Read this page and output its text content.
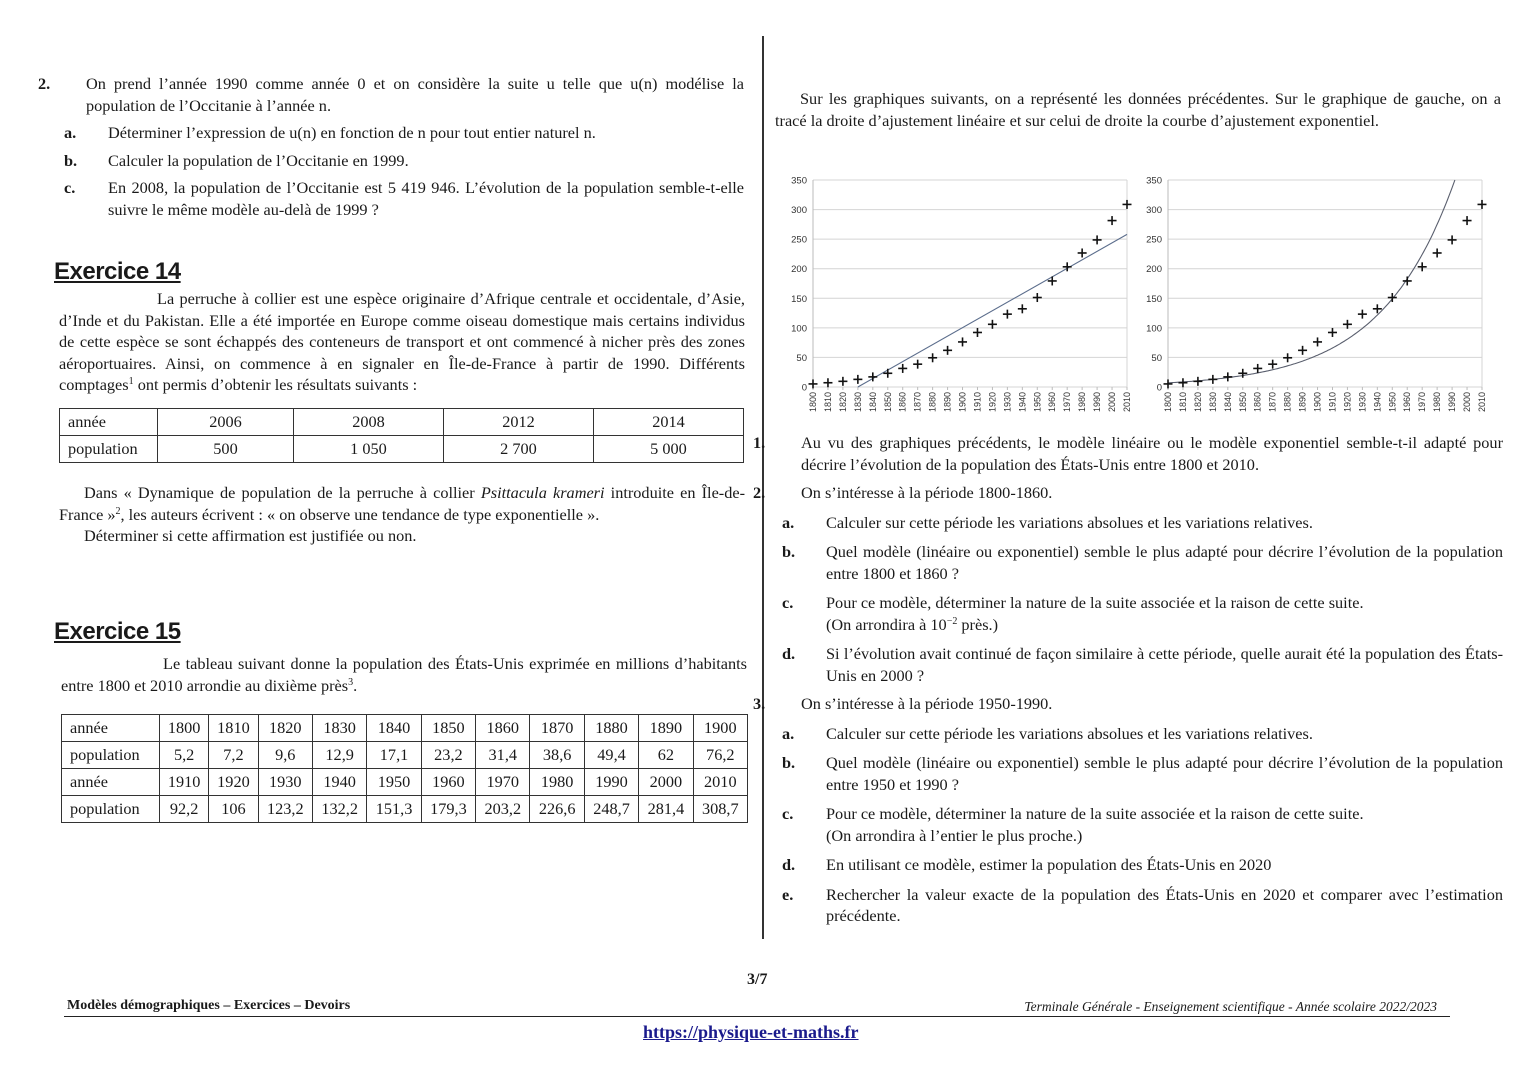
2. On prend l’année 1990 comme année 0 et on considère la suite u telle que u(n) modélise la population de l’Occitanie à l’année n.
a. Déterminer l’expression de u(n) en fonction de n pour tout entier naturel n.
b. Calculer la population de l’Occitanie en 1999.
c. En 2008, la population de l’Occitanie est 5 419 946. L’évolution de la population semble-t-elle suivre le même modèle au-delà de 1999 ?
Exercice 14
La perruche à collier est une espèce originaire d’Afrique centrale et occidentale, d’Asie, d’Inde et du Pakistan. Elle a été importée en Europe comme oiseau domestique mais certains individus de cette espèce se sont échappés des conteneurs de transport et ont commencé à nicher près des zones aéroportuaires. Ainsi, on commence à en signaler en Île-de-France à partir de 1990. Différents comptages$^1$ ont permis d’obtenir les résultats suivants :
année	2006	2008	2012	2014
population	500	1 050	2 700	5 000
Dans « Dynamique de population de la perruche à collier Psittacula krameri introduite en Île-de-France »$^2$, les auteurs écrivent : « on observe une tendance de type exponentielle ».
Déterminer si cette affirmation est justifiée ou non.
Exercice 15
Le tableau suivant donne la population des États-Unis exprimée en millions d’habitants entre 1800 et 2010 arrondie au dixième près$^3$.
année	1800	1810	1820	1830	1840	1850	1860	1870	1880	1890	1900
population	5,2	7,2	9,6	12,9	17,1	23,2	31,4	38,6	49,4	62	76,2
année	1910	1920	1930	1940	1950	1960	1970	1980	1990	2000	2010
population	92,2	106	123,2	132,2	151,3	179,3	203,2	226,6	248,7	281,4	308,7
Sur les graphiques suivants, on a représenté les données précédentes. Sur le graphique de gauche, on a tracé la droite d’ajustement linéaire et sur celui de droite la courbe d’ajustement exponentiel.
0
50
100
150
200
250
300
350
1800 1810 1820 1830 1840 1850 1860 1870 1880 1890 1900 1910 1920 1930 1940 1950 1960 1970 1980 1990 2000 2010
0
50
100
150
200
250
300
350
1800 1810 1820 1830 1840 1850 1860 1870 1880 1890 1900 1910 1920 1930 1940 1950 1960 1970 1980 1990 2000 2010
1. Au vu des graphiques précédents, le modèle linéaire ou le modèle exponentiel semble-t-il adapté pour décrire l’évolution de la population des États-Unis entre 1800 et 2010.
2. On s’intéresse à la période 1800-1860.
a. Calculer sur cette période les variations absolues et les variations relatives.
b. Quel modèle (linéaire ou exponentiel) semble le plus adapté pour décrire l’évolution de la population entre 1800 et 1860 ?
c. Pour ce modèle, déterminer la nature de la suite associée et la raison de cette suite.
(On arrondira à $10^{-2}$ près.)
d. Si l’évolution avait continué de façon similaire à cette période, quelle aurait été la population des États-Unis en 2000 ?
3. On s’intéresse à la période 1950-1990.
a. Calculer sur cette période les variations absolues et les variations relatives.
b. Quel modèle (linéaire ou exponentiel) semble le plus adapté pour décrire l’évolution de la population entre 1950 et 1990 ?
c. Pour ce modèle, déterminer la nature de la suite associée et la raison de cette suite.
(On arrondira à l’entier le plus proche.)
d. En utilisant ce modèle, estimer la population des États-Unis en 2020
e. Rechercher la valeur exacte de la population des États-Unis en 2020 et comparer avec l’estimation précédente.
3/7
Modèles démographiques – Exercices – Devoirs	Terminale Générale - Enseignement scientifique - Année scolaire 2022/2023
https://physique-et-maths.fr
